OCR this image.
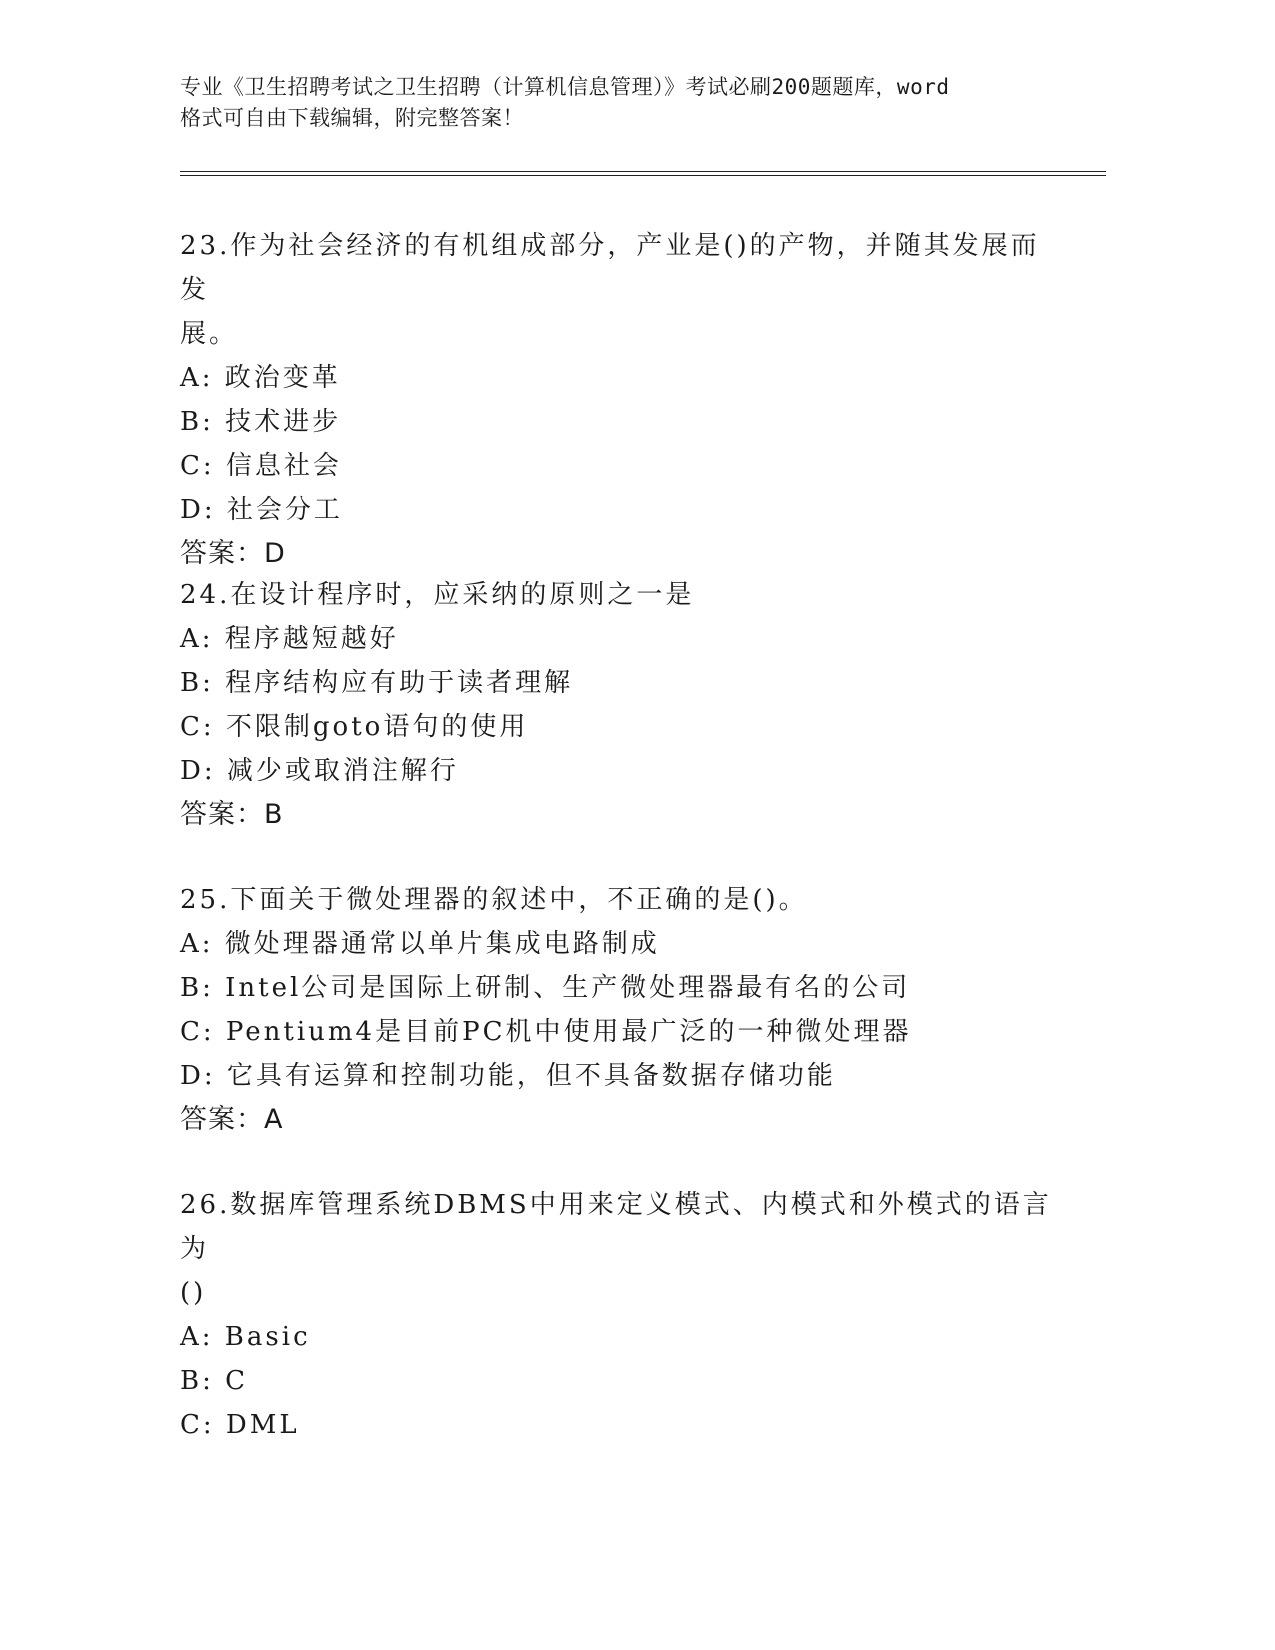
专业《卫生招聘考试之卫生招聘（计算机信息管理）》考试必刷200题题库，word
格式可自由下载编辑，附完整答案！
23.作为社会经济的有机组成部分，产业是()的产物，并随其发展而发
展。
A: 政治变革
B: 技术进步
C: 信息社会
D: 社会分工
答案：D
24.在设计程序时，应采纳的原则之一是
A: 程序越短越好
B: 程序结构应有助于读者理解
C: 不限制goto语句的使用
D: 减少或取消注解行
答案：B
25.下面关于微处理器的叙述中，不正确的是()。
A: 微处理器通常以单片集成电路制成
B: Intel公司是国际上研制、生产微处理器最有名的公司
C: Pentium4是目前PC机中使用最广泛的一种微处理器
D: 它具有运算和控制功能，但不具备数据存储功能
答案：A
26.数据库管理系统DBMS中用来定义模式、内模式和外模式的语言为
()
A: Basic
B: C
C: DML
